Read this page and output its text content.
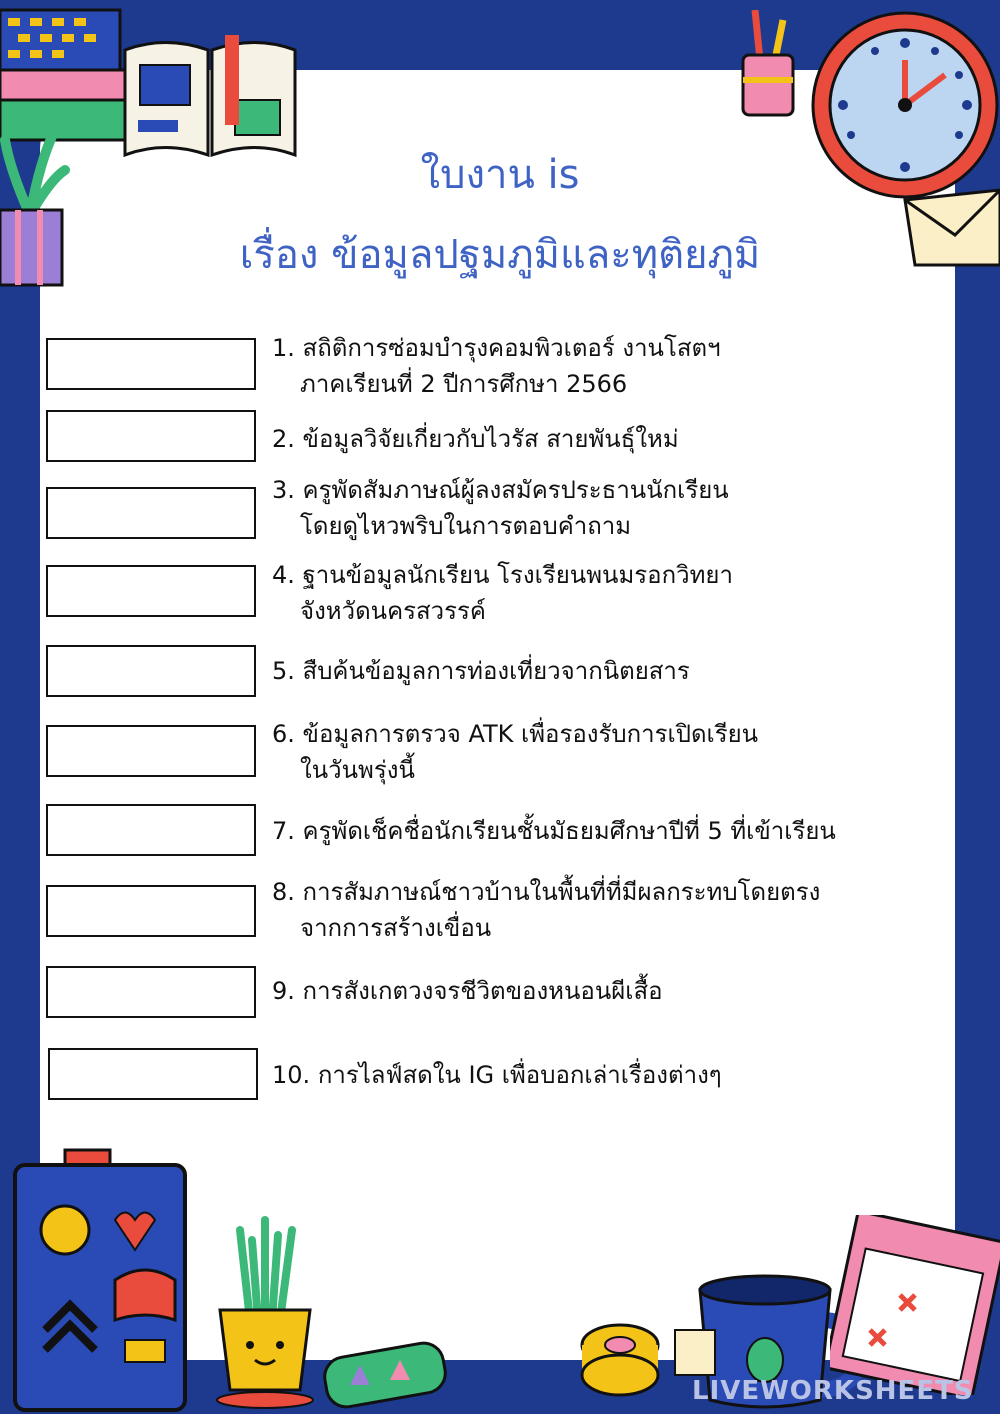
ใบงาน is
เรื่อง ข้อมูลปฐมภูมิและทุติยภูมิ
1. สถิติการซ่อมบำรุงคอมพิวเตอร์ งานโสตฯ
ภาคเรียนที่ 2 ปีการศึกษา 2566
2. ข้อมูลวิจัยเกี่ยวกับไวรัส สายพันธุ์ใหม่
3. ครูพัดสัมภาษณ์ผู้ลงสมัครประธานนักเรียน
โดยดูไหวพริบในการตอบคำถาม
4. ฐานข้อมูลนักเรียน โรงเรียนพนมรอกวิทยา
จังหวัดนครสวรรค์
5. สืบค้นข้อมูลการท่องเที่ยวจากนิตยสาร
6. ข้อมูลการตรวจ ATK เพื่อรองรับการเปิดเรียน
ในวันพรุ่งนี้
7. ครูพัดเช็คชื่อนักเรียนชั้นมัธยมศึกษาปีที่ 5 ที่เข้าเรียน
8. การสัมภาษณ์ชาวบ้านในพื้นที่ที่มีผลกระทบโดยตรง
จากการสร้างเขื่อน
9. การสังเกตวงจรชีวิตของหนอนผีเสื้อ
10. การไลฟ์สดใน IG เพื่อบอกเล่าเรื่องต่างๆ
LIVEWORKSHEETS
